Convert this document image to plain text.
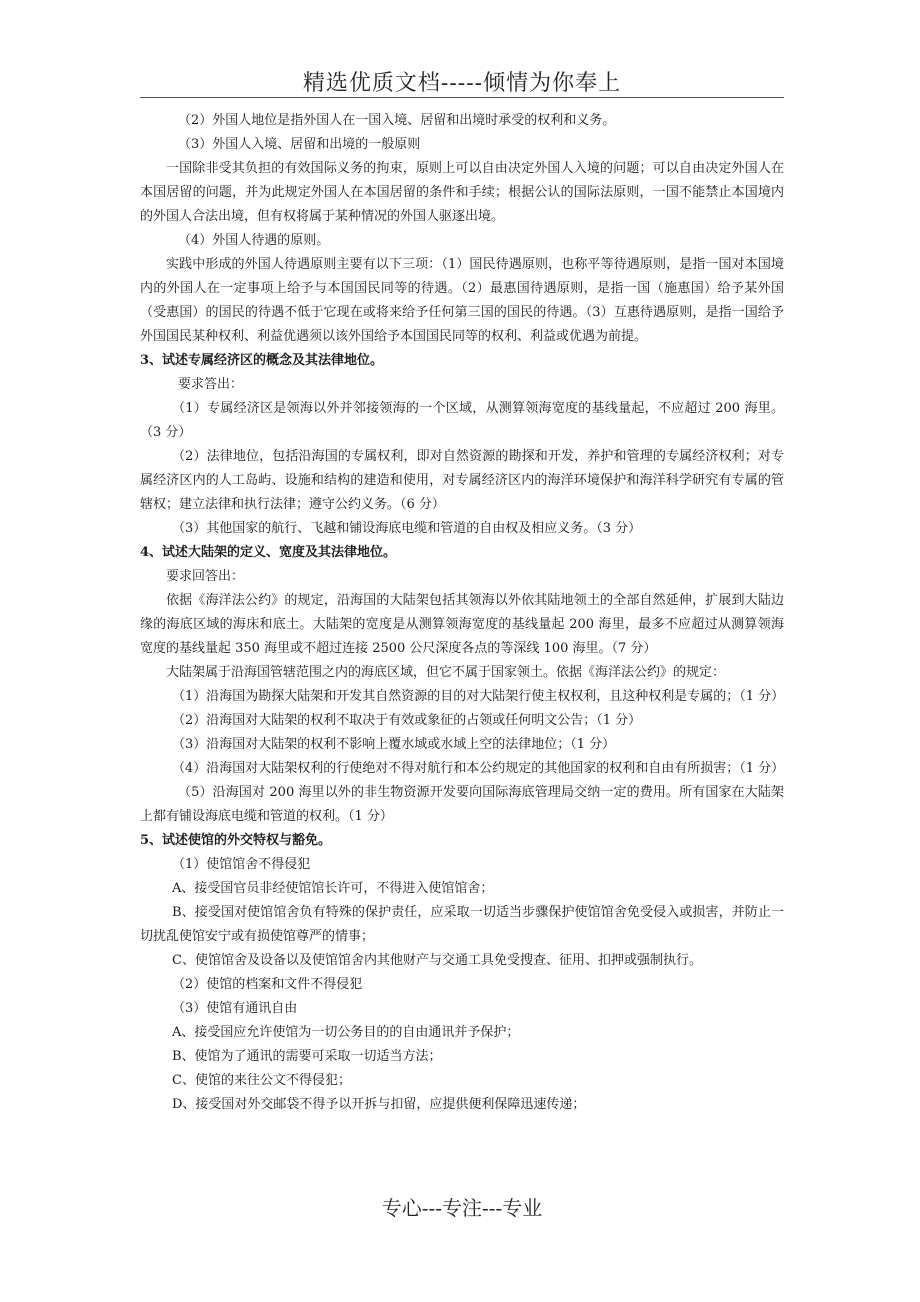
精选优质文档-----倾情为你奉上

（2）外国人地位是指外国人在一国入境、居留和出境时承受的权利和义务。

（3）外国人入境、居留和出境的一般原则

一国除非受其负担的有效国际义务的拘束，原则上可以自由决定外国人入境的问题；可以自由决定外国人在本国居留的问题，并为此规定外国人在本国居留的条件和手续；根据公认的国际法原则，一国不能禁止本国境内的外国人合法出境，但有权将属于某种情况的外国人驱逐出境。

（4）外国人待遇的原则。

实践中形成的外国人待遇原则主要有以下三项：（1）国民待遇原则，也称平等待遇原则，是指一国对本国境内的外国人在一定事项上给予与本国国民同等的待遇。（2）最惠国待遇原则，是指一国（施惠国）给予某外国（受惠国）的国民的待遇不低于它现在或将来给予任何第三国的国民的待遇。（3）互惠待遇原则，是指一国给予外国国民某种权利、利益优遇须以该外国给予本国国民同等的权利、利益或优遇为前提。

3、试述专属经济区的概念及其法律地位。

要求答出：

（1）专属经济区是领海以外并邻接领海的一个区域，从测算领海宽度的基线量起，不应超过 200 海里。（3 分）

（2）法律地位，包括沿海国的专属权利，即对自然资源的勘探和开发，养护和管理的专属经济权利；对专属经济区内的人工岛屿、设施和结构的建造和使用，对专属经济区内的海洋环境保护和海洋科学研究有专属的管辖权；建立法律和执行法律；遵守公约义务。（6 分）

（3）其他国家的航行、飞越和铺设海底电缆和管道的自由权及相应义务。（3 分）

4、试述大陆架的定义、宽度及其法律地位。

要求回答出：

依据《海洋法公约》的规定，沿海国的大陆架包括其领海以外依其陆地领土的全部自然延伸，扩展到大陆边缘的海底区域的海床和底土。大陆架的宽度是从测算领海宽度的基线量起 200 海里，最多不应超过从测算领海宽度的基线量起 350 海里或不超过连接 2500 公尺深度各点的等深线 100 海里。（7 分）

大陆架属于沿海国管辖范围之内的海底区域，但它不属于国家领土。依据《海洋法公约》的规定：

（1）沿海国为勘探大陆架和开发其自然资源的目的对大陆架行使主权权利，且这种权利是专属的；（1 分）

（2）沿海国对大陆架的权利不取决于有效或象征的占领或任何明文公告；（1 分）

（3）沿海国对大陆架的权利不影响上覆水域或水域上空的法律地位；（1 分）

（4）沿海国对大陆架权利的行使绝对不得对航行和本公约规定的其他国家的权利和自由有所损害；（1 分）

（5）沿海国对 200 海里以外的非生物资源开发要向国际海底管理局交纳一定的费用。所有国家在大陆架上都有铺设海底电缆和管道的权利。（1 分）

5、试述使馆的外交特权与豁免。

（1）使馆馆舍不得侵犯

A、接受国官员非经使馆馆长许可，不得进入使馆馆舍；

B、接受国对使馆馆舍负有特殊的保护责任，应采取一切适当步骤保护使馆馆舍免受侵入或损害，并防止一切扰乱使馆安宁或有损使馆尊严的情事；

C、使馆馆舍及设备以及使馆馆舍内其他财产与交通工具免受搜查、征用、扣押或强制执行。

（2）使馆的档案和文件不得侵犯

（3）使馆有通讯自由

A、接受国应允许使馆为一切公务目的的自由通讯并予保护；

B、使馆为了通讯的需要可采取一切适当方法；

C、使馆的来往公文不得侵犯；

D、接受国对外交邮袋不得予以开拆与扣留，应提供便利保障迅速传递；

专心---专注---专业
